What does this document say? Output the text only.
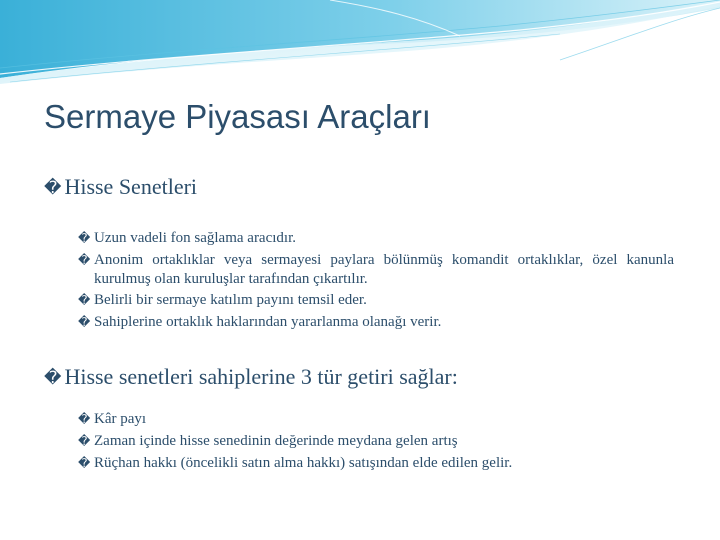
Sermaye Piyasası Araçları
� Hisse Senetleri
� Uzun vadeli fon sağlama aracıdır.
� Anonim ortaklıklar veya sermayesi paylara bölünmüş komandit ortaklıklar, özel kanunla kurulmuş olan kuruluşlar tarafından çıkartılır.
� Belirli bir sermaye katılım payını temsil eder.
� Sahiplerine ortaklık haklarından yararlanma olanağı verir.
� Hisse senetleri sahiplerine 3 tür getiri sağlar:
� Kâr payı
� Zaman içinde hisse senedinin değerinde meydana gelen artış
� Rüçhan hakkı (öncelikli satın alma hakkı) satışından elde edilen gelir.
